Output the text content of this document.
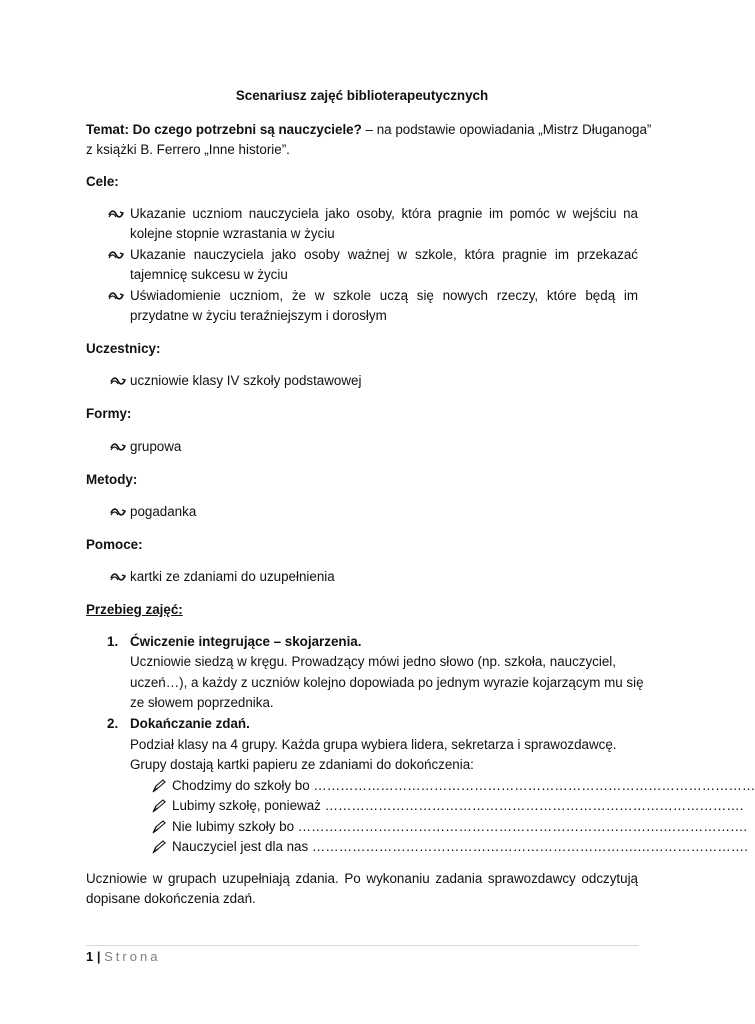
Scenariusz zajęć biblioterapeutycznych
Temat: Do czego potrzebni są nauczyciele? – na podstawie opowiadania „Mistrz Długanoga”
z książki B. Ferrero „Inne historie”.
Cele:
Ukazanie uczniom nauczyciela jako osoby, która pragnie im pomóc w wejściu na
kolejne stopnie wzrastania w życiu
Ukazanie nauczyciela jako osoby ważnej w szkole, która pragnie im przekazać
tajemnicę sukcesu w życiu
Uświadomienie uczniom, że w szkole uczą się nowych rzeczy, które będą im
przydatne w życiu teraźniejszym i dorosłym
Uczestnicy:
uczniowie klasy IV szkoły podstawowej
Formy:
grupowa
Metody:
pogadanka
Pomoce:
kartki ze zdaniami do uzupełnienia
Przebieg zajęć:
1. Ćwiczenie integrujące – skojarzenia.
Uczniowie siedzą w kręgu. Prowadzący mówi jedno słowo (np. szkoła, nauczyciel,
uczeń…), a każdy z uczniów kolejno dopowiada po jednym wyrazie kojarzącym mu się
ze słowem poprzednika.
2. Dokańczanie zdań.
Podział klasy na 4 grupy. Każda grupa wybiera lidera, sekretarza i sprawozdawcę.
Grupy dostają kartki papieru ze zdaniami do dokończenia:
Chodzimy do szkoły bo ………………………………………………………………………………………
Lubimy szkołę, ponieważ ………………………………………………………………………………….
Nie lubimy szkoły bo ……………………………………………………………………….……………….
Nauczyciel jest dla nas ……………………………………………………………….…………………….
Uczniowie w grupach uzupełniają zdania. Po wykonaniu zadania sprawozdawcy odczytują
dopisane dokończenia zdań.
1 | Strona
